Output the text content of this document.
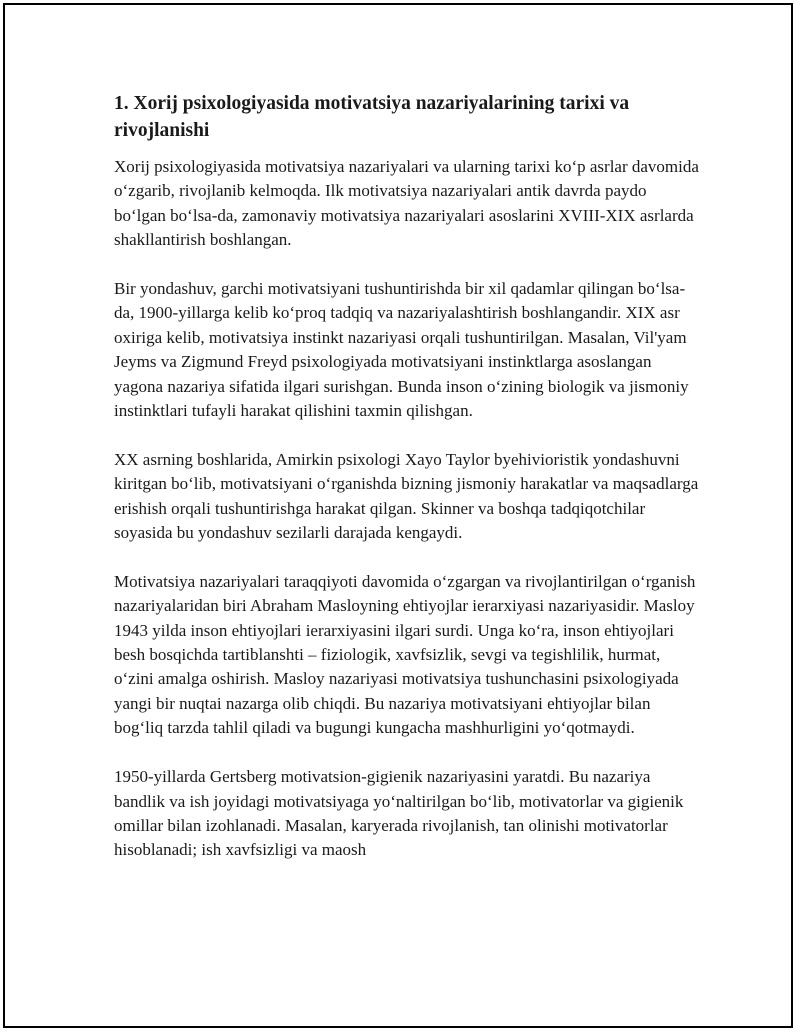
1. Xorij psixologiyasida motivatsiya nazariyalarining tarixi va rivojlanishi

Xorij psixologiyasida motivatsiya nazariyalari va ularning tarixi ko‘p asrlar davomida o‘zgarib, rivojlanib kelmoqda. Ilk motivatsiya nazariyalari antik davrda paydo bo‘lgan bo‘lsa-da, zamonaviy motivatsiya nazariyalari asoslarini XVIII-XIX asrlarda shakllantirish boshlangan.

Bir yondashuv, garchi motivatsiyani tushuntirishda bir xil qadamlar qilingan bo‘lsa-da, 1900-yillarga kelib ko‘proq tadqiq va nazariyalashtirish boshlangandir. XIX asr oxiriga kelib, motivatsiya instinkt nazariyasi orqali tushuntirilgan. Masalan, Vil'yam Jeyms va Zigmund Freyd psixologiyada motivatsiyani instinktlarga asoslangan yagona nazariya sifatida ilgari surishgan. Bunda inson o‘zining biologik va jismoniy instinktlari tufayli harakat qilishini taxmin qilishgan.

XX asrning boshlarida, Amirkin psixologi Xayo Taylor byehivioristik yondashuvni kiritgan bo‘lib, motivatsiyani o‘rganishda bizning jismoniy harakatlar va maqsadlarga erishish orqali tushuntirishga harakat qilgan. Skinner va boshqa tadqiqotchilar soyasida bu yondashuv sezilarli darajada kengaydi.

Motivatsiya nazariyalari taraqqiyoti davomida o‘zgargan va rivojlantirilgan o‘rganish nazariyalaridan biri Abraham Masloyning ehtiyojlar ierarxiyasi nazariyasidir. Masloy 1943 yilda inson ehtiyojlari ierarxiyasini ilgari surdi. Unga ko‘ra, inson ehtiyojlari besh bosqichda tartiblanshti – fiziologik, xavfsizlik, sevgi va tegishlilik, hurmat, o‘zini amalga oshirish. Masloy nazariyasi motivatsiya tushunchasini psixologiyada yangi bir nuqtai nazarga olib chiqdi. Bu nazariya motivatsiyani ehtiyojlar bilan bog‘liq tarzda tahlil qiladi va bugungi kungacha mashhurligini yo‘qotmaydi.

1950-yillarda Gertsberg motivatsion-gigienik nazariyasini yaratdi. Bu nazariya bandlik va ish joyidagi motivatsiyaga yo‘naltirilgan bo‘lib, motivatorlar va gigienik omillar bilan izohlanadi. Masalan, karyerada rivojlanish, tan olinishi motivatorlar hisoblanadi; ish xavfsizligi va maosh
